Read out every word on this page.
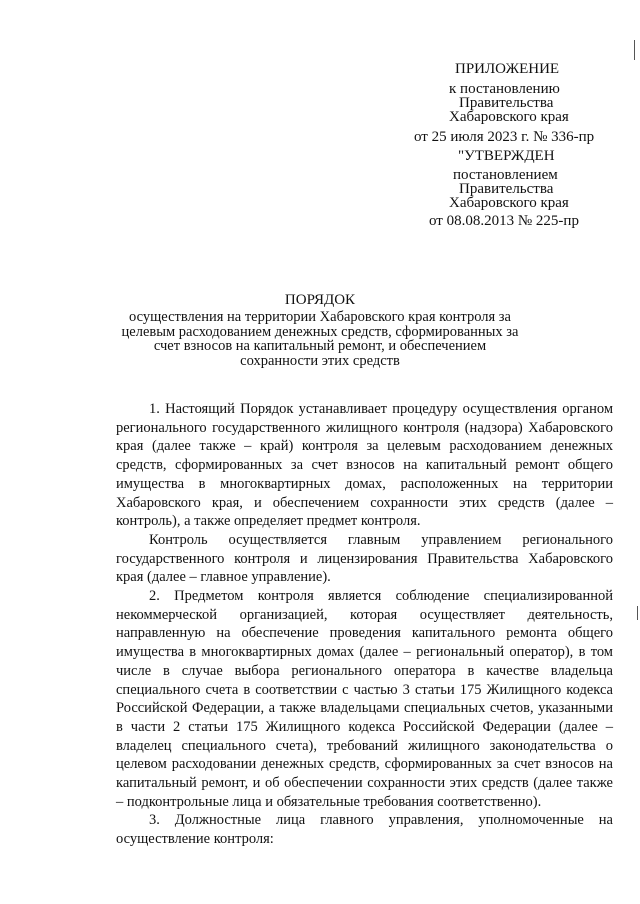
ПРИЛОЖЕНИЕ
к постановлению
Правительства
Хабаровского края
от 25 июля 2023 г. № 336-пр
"УТВЕРЖДЕН
постановлением
Правительства
Хабаровского края
от 08.08.2013 № 225-пр
ПОРЯДОК
осуществления на территории Хабаровского края контроля за целевым расходованием денежных средств, сформированных за счет взносов на капитальный ремонт, и обеспечением сохранности этих средств

1. Настоящий Порядок устанавливает процедуру осуществления органом регионального государственного жилищного контроля (надзора) Хабаровского края (далее также – край) контроля за целевым расходованием денежных средств, сформированных за счет взносов на капитальный ремонт общего имущества в многоквартирных домах, расположенных на территории Хабаровского края, и обеспечением сохранности этих средств (далее – контроль), а также определяет предмет контроля.

Контроль осуществляется главным управлением регионального государственного контроля и лицензирования Правительства Хабаровского края (далее – главное управление).

2. Предметом контроля является соблюдение специализированной некоммерческой организацией, которая осуществляет деятельность, направленную на обеспечение проведения капитального ремонта общего имущества в многоквартирных домах (далее – региональный оператор), в том числе в случае выбора регионального оператора в качестве владельца специального счета в соответствии с частью 3 статьи 175 Жилищного кодекса Российской Федерации, а также владельцами специальных счетов, указанными в части 2 статьи 175 Жилищного кодекса Российской Федерации (далее – владелец специального счета), требований жилищного законодательства о целевом расходовании денежных средств, сформированных за счет взносов на капитальный ремонт, и об обеспечении сохранности этих средств (далее также – подконтрольные лица и обязательные требования соответственно).

3. Должностные лица главного управления, уполномоченные на осуществление контроля:
